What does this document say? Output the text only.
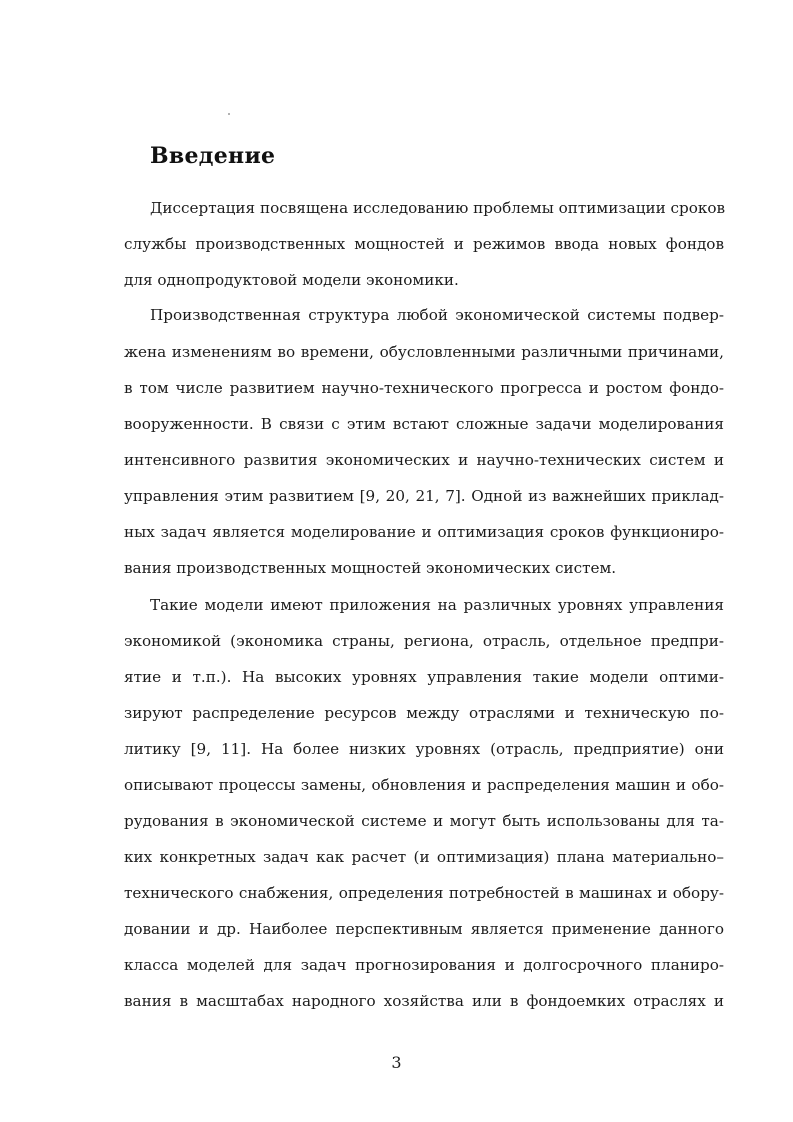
Введение
Диссертация посвящена исследованию проблемы оптимизации сроков
службы производственных мощностей и режимов ввода новых фондов
для однопродуктовой модели экономики.
Производственная структура любой экономической системы подвер-
жена изменениям во времени, обусловленными различными причинами,
в том числе развитием научно-технического прогресса и ростом фондо-
вооруженности. В связи с этим встают сложные задачи моделирования
интенсивного развития экономических и научно-технических систем и
управления этим развитием [9, 20, 21, 7]. Одной из важнейших приклад-
ных задач является моделирование и оптимизация сроков функциониро-
вания производственных мощностей экономических систем.
Такие модели имеют приложения на различных уровнях управления
экономикой (экономика страны, региона, отрасль, отдельное предпри-
ятие и т.п.). На высоких уровнях управления такие модели оптими-
зируют распределение ресурсов между отраслями и техническую по-
литику [9, 11]. На более низких уровнях (отрасль, предприятие) они
описывают процессы замены, обновления и распределения машин и обо-
рудования в экономической системе и могут быть использованы для та-
ких конкретных задач как расчет (и оптимизация) плана материально–
технического снабжения, определения потребностей в машинах и обору-
довании и др. Наиболее перспективным является применение данного
класса моделей для задач прогнозирования и долгосрочного планиро-
вания в масштабах народного хозяйства или в фондоемких отраслях и
3
